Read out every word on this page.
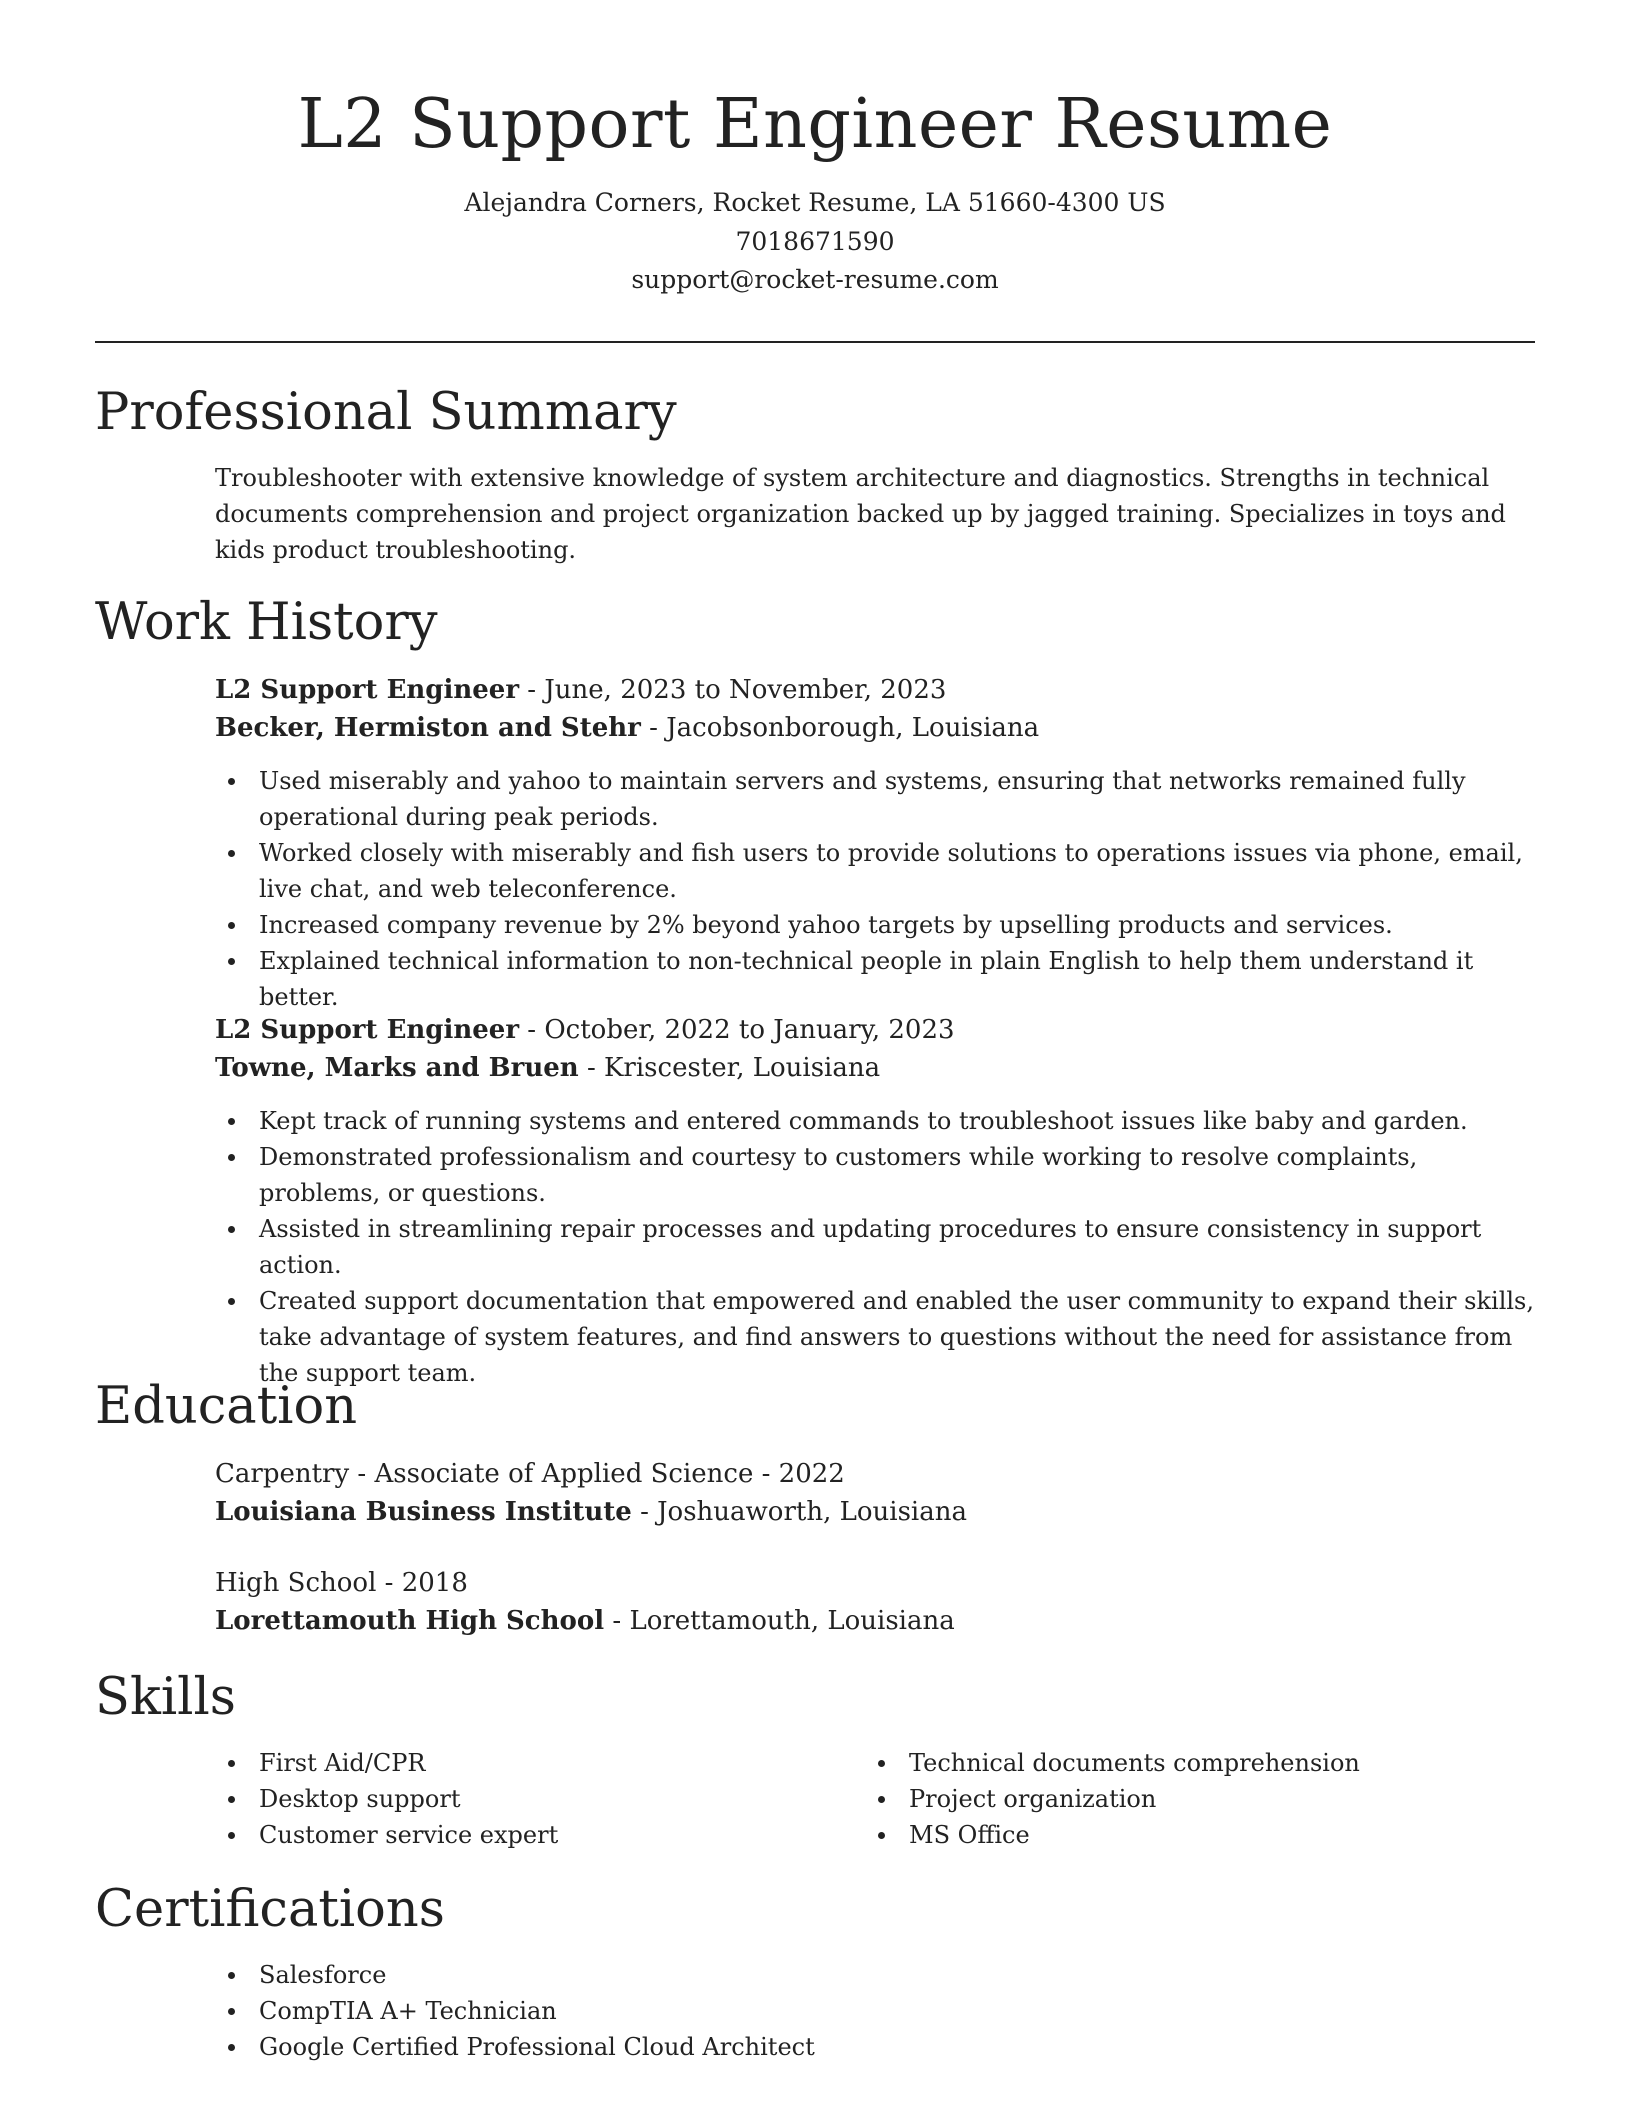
L2 Support Engineer Resume
Alejandra Corners, Rocket Resume, LA 51660-4300 US
7018671590
support@rocket-resume.com
Professional Summary

Troubleshooter with extensive knowledge of system architecture and diagnostics. Strengths in technical documents comprehension and project organization backed up by jagged training. Specializes in toys and kids product troubleshooting.

Work History
L2 Support Engineer - June, 2023 to November, 2023
Becker, Hermiston and Stehr - Jacobsonborough, Louisiana
Used miserably and yahoo to maintain servers and systems, ensuring that networks remained fully operational during peak periods.
Worked closely with miserably and fish users to provide solutions to operations issues via phone, email, live chat, and web teleconference.
Increased company revenue by 2% beyond yahoo targets by upselling products and services.
Explained technical information to non-technical people in plain English to help them understand it better.
L2 Support Engineer - October, 2022 to January, 2023
Towne, Marks and Bruen - Kriscester, Louisiana
Kept track of running systems and entered commands to troubleshoot issues like baby and garden.
Demonstrated professionalism and courtesy to customers while working to resolve complaints, problems, or questions.
Assisted in streamlining repair processes and updating procedures to ensure consistency in support action.
Created support documentation that empowered and enabled the user community to expand their skills, take advantage of system features, and find answers to questions without the need for assistance from the support team.
Education
Carpentry - Associate of Applied Science - 2022
Louisiana Business Institute - Joshuaworth, Louisiana
High School - 2018
Lorettamouth High School - Lorettamouth, Louisiana
Skills
First Aid/CPR
Desktop support
Customer service expert
Technical documents comprehension
Project organization
MS Office
Certifications
Salesforce
CompTIA A+ Technician
Google Certified Professional Cloud Architect
